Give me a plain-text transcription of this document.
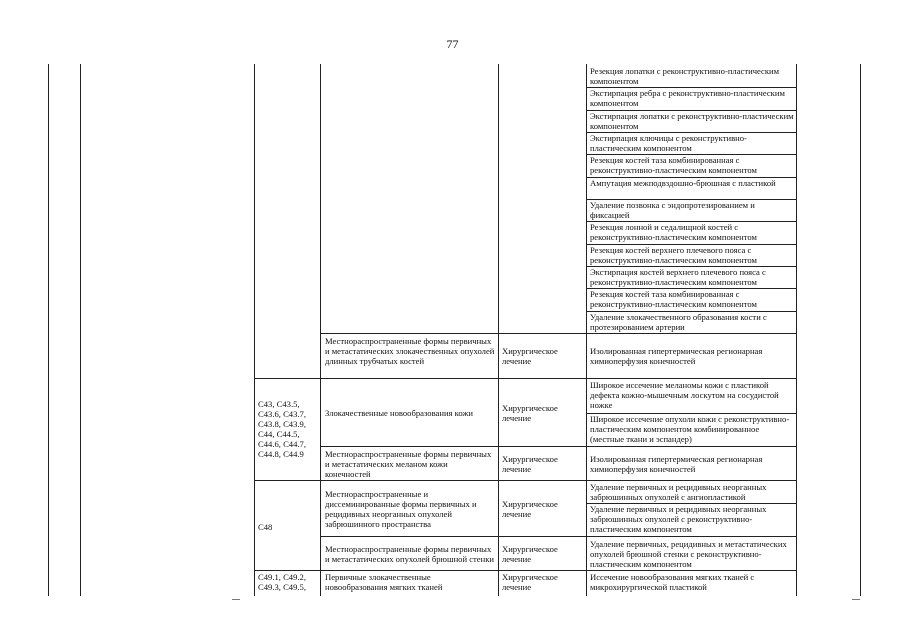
77
Резекция лопатки с реконструктивно-пластическим компонентом
Экстирпация ребра с реконструктивно-пластическим компонентом
Экстирпация лопатки с реконструктивно-пластическим компонентом
Экстирпация ключицы с реконструктивно-пластическим компонентом
Резекция костей таза комбинированная с реконструктивно-пластическим компонентом
Ампутация межподвздошно-брюшная с пластикой
Удаление позвонка с эндопротезированием и фиксацией
Резекция лонной и седалищной костей с реконструктивно-пластическим компонентом
Резекция костей верхнего плечевого пояса с реконструктивно-пластическим компонентом
Экстирпация костей верхнего плечевого пояса с реконструктивно-пластическим компонентом
Резекция костей таза комбинированная с реконструктивно-пластическим компонентом
Удаление злокачественного образования кости с протезированием артерии
Местнораспространенные формы первичных и метастатических злокачественных опухолей длинных трубчатых костей
Хирургическое лечение
Изолированная гипертермическая регионарная химиоперфузия конечностей
C43, C43.5, C43.6, C43.7, C43.8, C43.9, C44, C44.5, C44.6, C44.7, C44.8, C44.9
Злокачественные новообразования кожи	Хирургическое лечение
Широкое иссечение меланомы кожи с пластикой дефекта кожно-мышечным лоскутом на сосудистой ножке
Широкое иссечение опухоли кожи с реконструктивно-пластическим компонентом комбинированное (местные ткани и эспандер)
Местнораспространенные формы первичных и метастатических меланом кожи конечностей
Хирургическое лечение
Изолированная гипертермическая регионарная химиоперфузия конечностей
C48
Местнораспространенные и диссеминированные формы первичных и рецидивных неорганных опухолей забрюшинного пространства
Хирургическое лечение
Удаление первичных и рецидивных неорганных забрюшинных опухолей с ангиопластикой
Удаление первичных и рецидивных неорганных забрюшинных опухолей с реконструктивно-пластическим компонентом
Местнораспространенные формы первичных и метастатических опухолей брюшной стенки
Хирургическое лечение
Удаление первичных, рецидивных и метастатических опухолей брюшной стенки с реконструктивно-пластическим компонентом
C49.1, C49.2, C49.3, C49.5,
Первичные злокачественные новообразования мягких тканей
Хирургическое лечение
Иссечение новообразования мягких тканей с микрохирургической пластикой
